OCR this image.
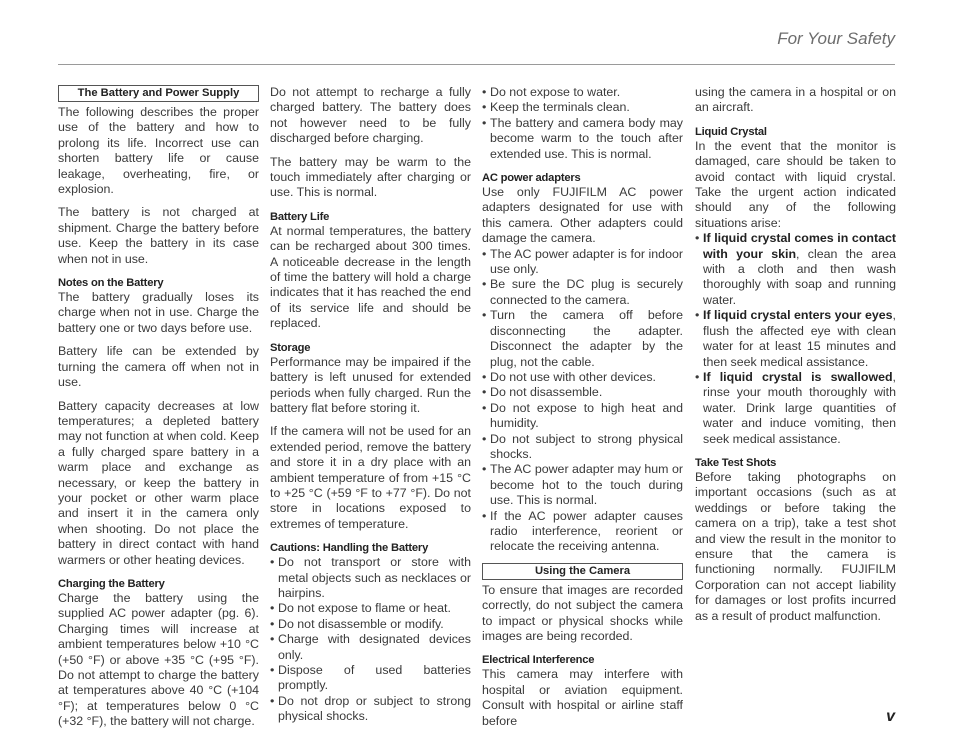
For Your Safety
The Battery and Power Supply

The following describes the proper use of the battery and how to prolong its life. Incorrect use can shorten battery life or cause leakage, overheating, fire, or explosion.

The battery is not charged at shipment. Charge the battery before use. Keep the battery in its case when not in use.

Notes on the Battery

The battery gradually loses its charge when not in use. Charge the battery one or two days before use.

Battery life can be extended by turning the camera off when not in use.

Battery capacity decreases at low temperatures; a depleted battery may not function at when cold. Keep a fully charged spare battery in a warm place and exchange as necessary, or keep the battery in your pocket or other warm place and insert it in the camera only when shooting. Do not place the battery in direct contact with hand warmers or other heating devices.

Charging the Battery

Charge the battery using the supplied AC power adapter (pg. 6). Charging times will increase at ambient temperatures below +10 °C (+50 °F) or above +35 °C (+95 °F). Do not attempt to charge the battery at temperatures above 40 °C (+104 °F); at temperatures below 0 °C (+32 °F), the battery will not charge.

Do not attempt to recharge a fully charged battery. The battery does not however need to be fully discharged before charging.

The battery may be warm to the touch immediately after charging or use. This is normal.

Battery Life

At normal temperatures, the battery can be recharged about 300 times. A noticeable decrease in the length of time the battery will hold a charge indicates that it has reached the end of its service life and should be replaced.

Storage

Performance may be impaired if the battery is left unused for extended periods when fully charged. Run the battery flat before storing it.

If the camera will not be used for an extended period, remove the battery and store it in a dry place with an ambient temperature of from +15 °C to +25 °C (+59 °F to +77 °F). Do not store in locations exposed to extremes of temperature.

Cautions: Handling the Battery
• Do not transport or store with metal objects such as necklaces or hairpins.
• Do not expose to flame or heat.
• Do not disassemble or modify.
• Charge with designated devices only.
• Dispose of used batteries promptly.
• Do not drop or subject to strong physical shocks.
• Do not expose to water.
• Keep the terminals clean.
• The battery and camera body may become warm to the touch after extended use. This is normal.
AC power adapters

Use only FUJIFILM AC power adapters designated for use with this camera. Other adapters could damage the camera.

• The AC power adapter is for indoor use only.
• Be sure the DC plug is securely connected to the camera.
• Turn the camera off before disconnecting the adapter. Disconnect the adapter by the plug, not the cable.
• Do not use with other devices.
• Do not disassemble.
• Do not expose to high heat and humidity.
• Do not subject to strong physical shocks.
• The AC power adapter may hum or become hot to the touch during use. This is normal.
• If the AC power adapter causes radio interference, reorient or relocate the receiving antenna.
Using the Camera

To ensure that images are recorded correctly, do not subject the camera to impact or physical shocks while images are being recorded.

Electrical Interference

This camera may interfere with hospital or aviation equipment. Consult with hospital or airline staff before

using the camera in a hospital or on an aircraft.

Liquid Crystal

In the event that the monitor is damaged, care should be taken to avoid contact with liquid crystal. Take the urgent action indicated should any of the following situations arise:

• If liquid crystal comes in contact with your skin, clean the area with a cloth and then wash thoroughly with soap and running water.
• If liquid crystal enters your eyes, flush the affected eye with clean water for at least 15 minutes and then seek medical assistance.
• If liquid crystal is swallowed, rinse your mouth thoroughly with water. Drink large quantities of water and induce vomiting, then seek medical assistance.
Take Test Shots

Before taking photographs on important occasions (such as at weddings or before taking the camera on a trip), take a test shot and view the result in the monitor to ensure that the camera is functioning normally. FUJIFILM Corporation can not accept liability for damages or lost profits incurred as a result of product malfunction.

v
